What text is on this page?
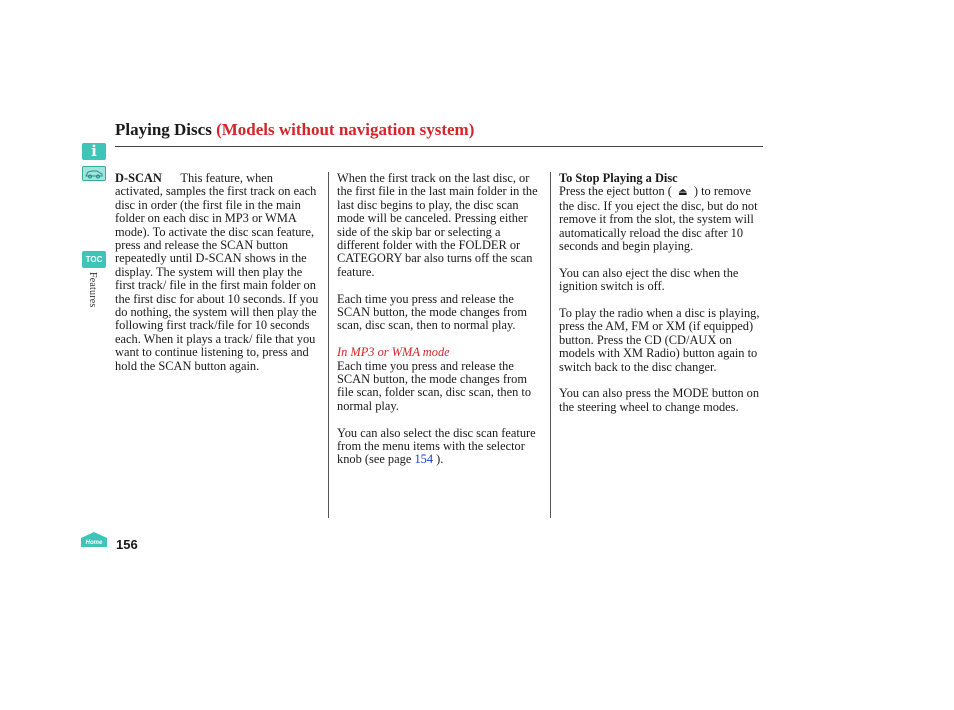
Playing Discs (Models without navigation system)
i
TOC
Features
Home 156

D-SCAN This feature, when activated, samples the first track on each disc in order (the first file in the main folder on each disc in MP3 or WMA mode). To activate the disc scan feature, press and release the SCAN button repeatedly until D-SCAN shows in the display. The system will then play the first track/ file in the first main folder on the first disc for about 10 seconds. If you do nothing, the system will then play the following first track/file for 10 seconds each. When it plays a track/ file that you want to continue listening to, press and hold the SCAN button again.

When the first track on the last disc, or the first file in the last main folder in the last disc begins to play, the disc scan mode will be canceled. Pressing either side of the skip bar or selecting a different folder with the FOLDER or CATEGORY bar also turns off the scan feature.

Each time you press and release the SCAN button, the mode changes from scan, disc scan, then to normal play.

In MP3 or WMA mode

Each time you press and release the SCAN button, the mode changes from file scan, folder scan, disc scan, then to normal play.

You can also select the disc scan feature from the menu items with the selector knob (see page 154 ).

To Stop Playing a Disc

Press the eject button ( ⏏ ) to remove the disc. If you eject the disc, but do not remove it from the slot, the system will automatically reload the disc after 10 seconds and begin playing.

You can also eject the disc when the ignition switch is off.

To play the radio when a disc is playing, press the AM, FM or XM (if equipped) button. Press the CD (CD/AUX on models with XM Radio) button again to switch back to the disc changer.

You can also press the MODE button on the steering wheel to change modes.
